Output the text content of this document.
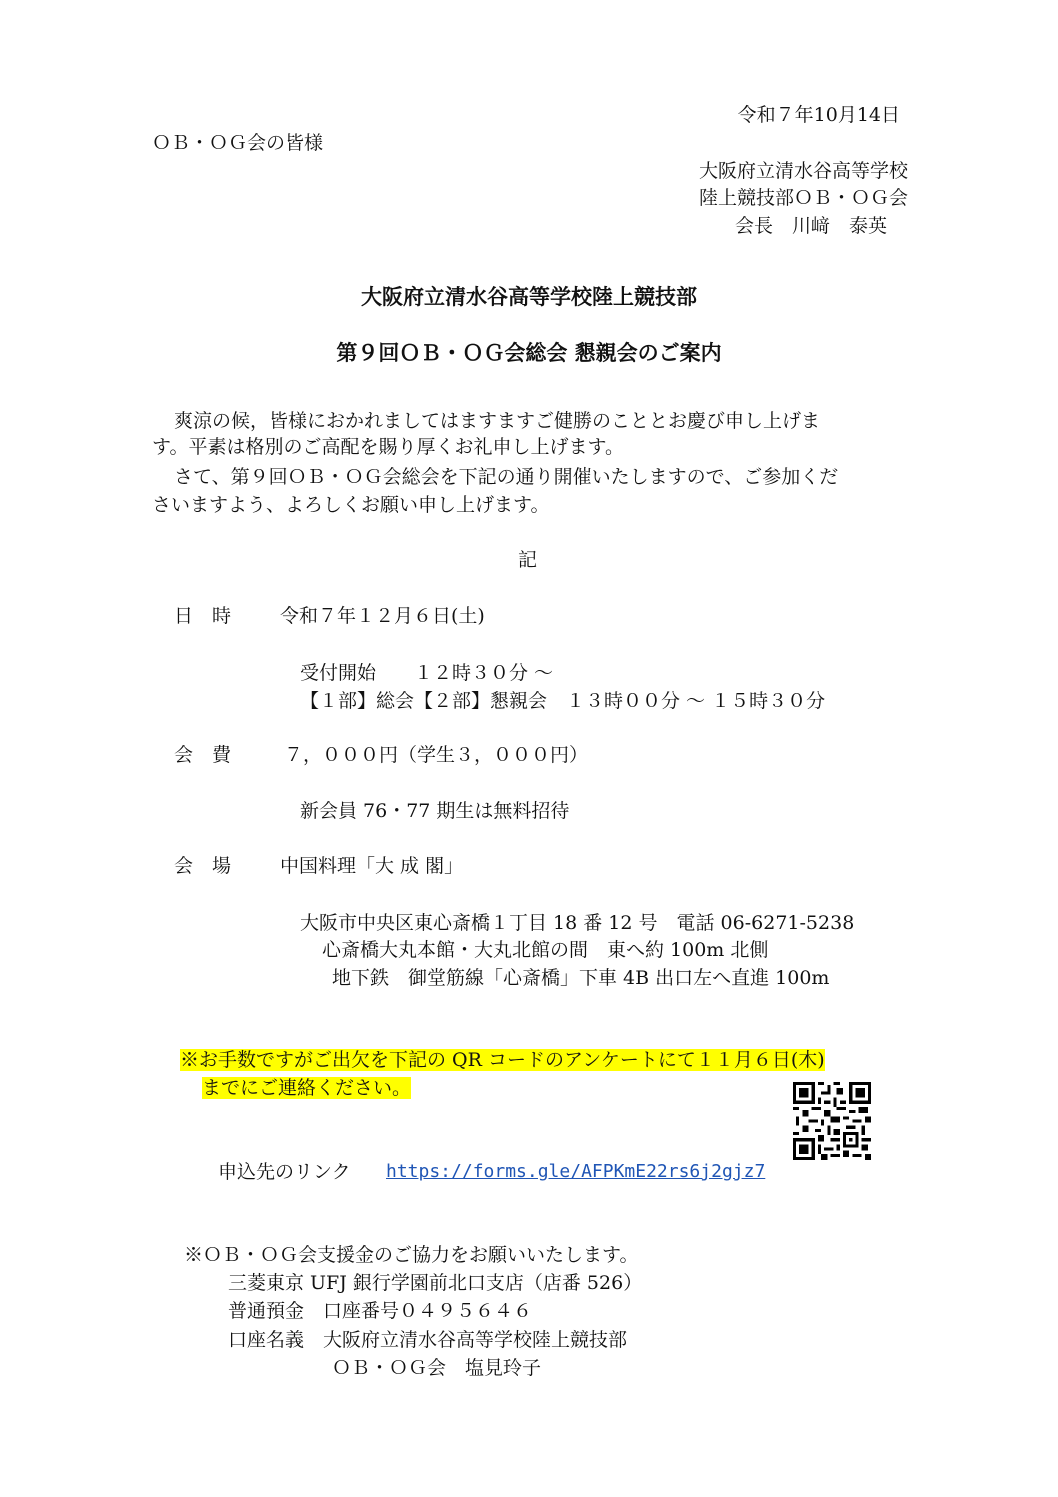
令和７年10月14日
ＯＢ・ＯＧ会の皆様
大阪府立清水谷高等学校
陸上競技部ＯＢ・ＯＧ会
会長　川﨑　泰英
大阪府立清水谷高等学校陸上競技部
第９回ＯＢ・ＯＧ会総会 懇親会のご案内
爽涼の候，皆様におかれましてはますますご健勝のこととお慶び申し上げま
す。平素は格別のご高配を賜り厚くお礼申し上げます。
さて、第９回ＯＢ・ＯＧ会総会を下記の通り開催いたしますので、ご参加くだ
さいますよう、よろしくお願い申し上げます。
記
日　時	令和７年１２月６日(土)
受付開始　　１２時３０分 ～
【１部】総会【２部】懇親会　１３時００分 ～ １５時３０分
会　費	７，０００円（学生３，０００円）
新会員 76・77 期生は無料招待
会　場	中国料理「大 成 閣」
大阪市中央区東心斎橋１丁目 18 番 12 号　電話 06-6271-5238
心斎橋大丸本館・大丸北館の間　東へ約 100m 北側
地下鉄　御堂筋線「心斎橋」下車 4B 出口左へ直進 100m
※お手数ですがご出欠を下記の QR コードのアンケートにて１１月６日(木)
までにご連絡ください。
申込先のリンク https://forms.gle/AFPKmE22rs6j2gjz7
※ＯＢ・ＯＧ会支援金のご協力をお願いいたします。
三菱東京 UFJ 銀行学園前北口支店（店番 526）
普通預金　口座番号０４９５６４６
口座名義　大阪府立清水谷高等学校陸上競技部
ＯＢ・ＯＧ会　塩見玲子
